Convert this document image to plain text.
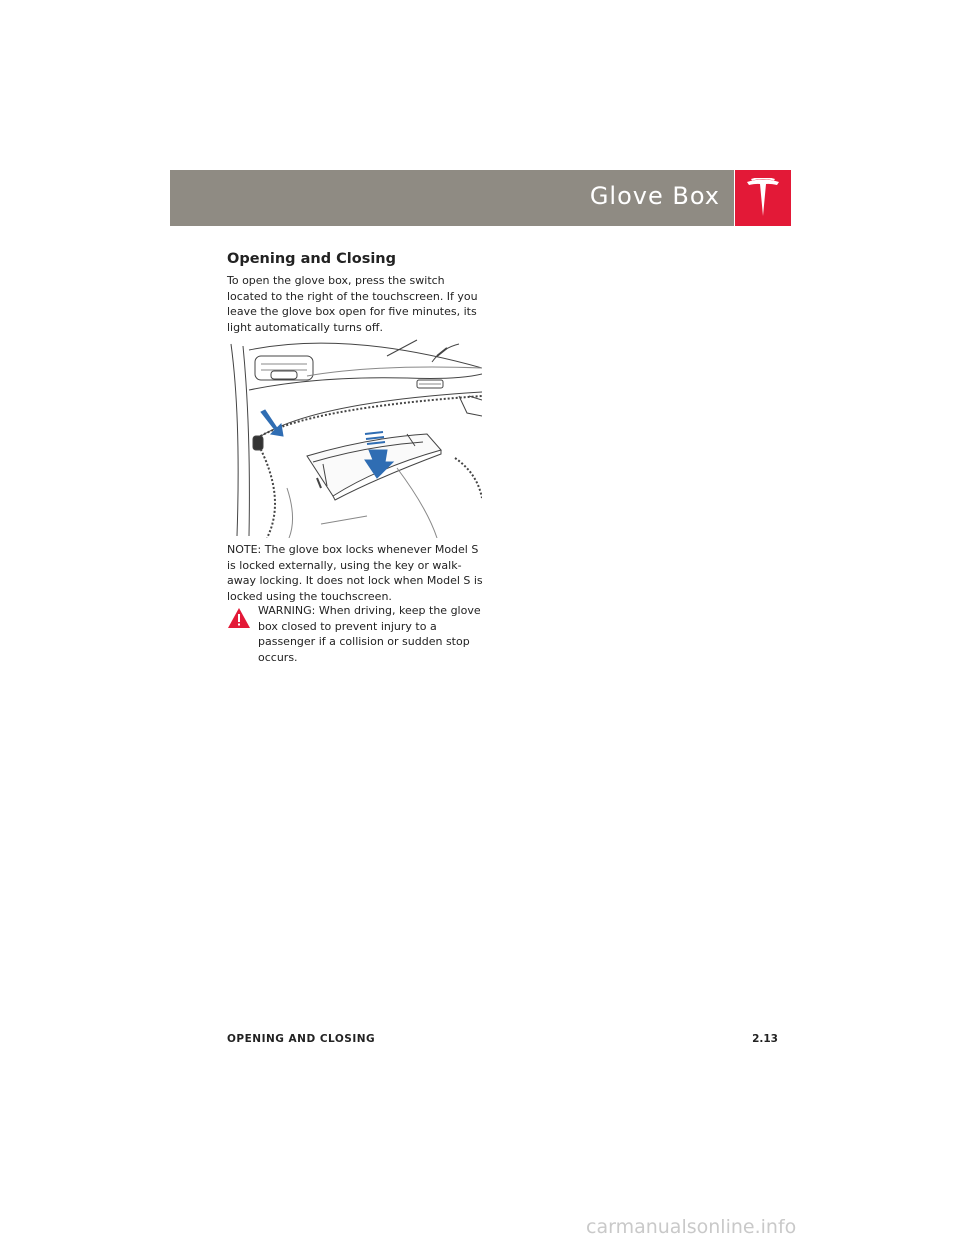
Glove Box
Opening and Closing

To open the glove box, press the switch located to the right of the touchscreen. If you leave the glove box open for five minutes, its light automatically turns off.

NOTE: The glove box locks whenever Model S is locked externally, using the key or walk-away locking. It does not lock when Model S is locked using the touchscreen.

WARNING: When driving, keep the glove box closed to prevent injury to a passenger if a collision or sudden stop occurs.

OPENING AND CLOSING	2.13
carmanualsonline.info
